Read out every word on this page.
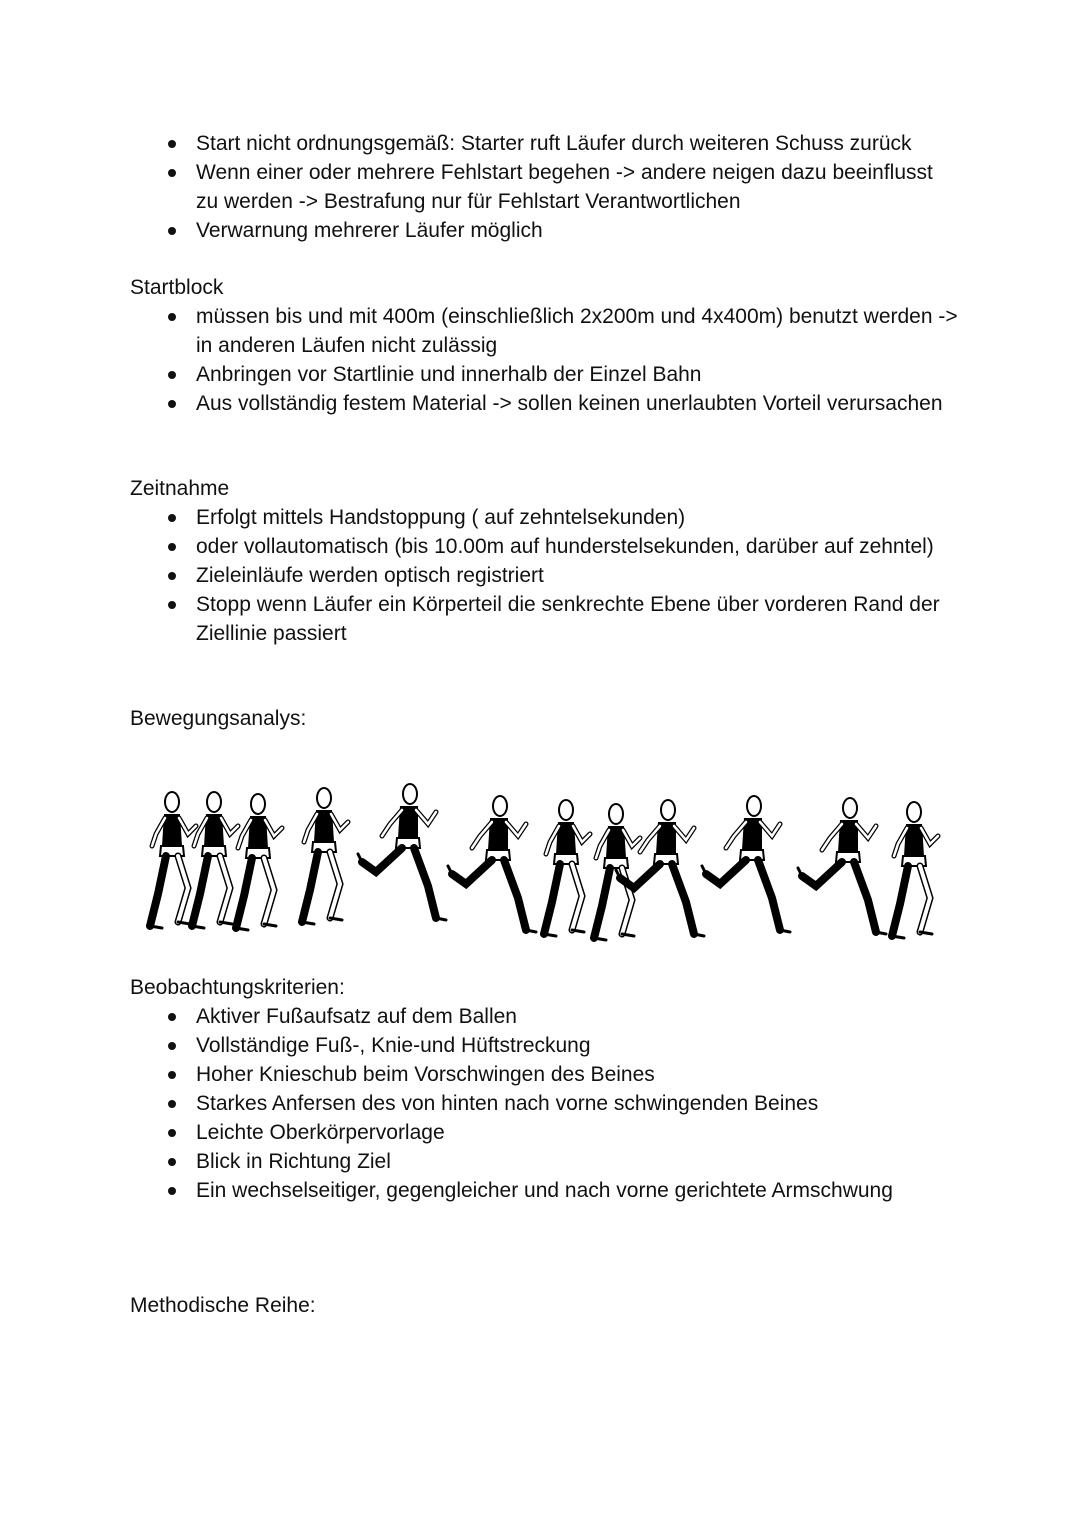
Start nicht ordnungsgemäß: Starter ruft Läufer durch weiteren Schuss zurück
Wenn einer oder mehrere Fehlstart begehen -> andere neigen dazu beeinflusst zu werden -> Bestrafung nur für Fehlstart Verantwortlichen
Verwarnung mehrerer Läufer möglich

Startblock

müssen bis und mit 400m (einschließlich 2x200m und 4x400m) benutzt werden -> in anderen Läufen nicht zulässig
Anbringen vor Startlinie und innerhalb der Einzel Bahn
Aus vollständig festem Material -> sollen keinen unerlaubten Vorteil verursachen

Zeitnahme

Erfolgt mittels Handstoppung ( auf zehntelsekunden)
oder vollautomatisch (bis 10.00m auf hunderstelsekunden, darüber auf zehntel)
Zieleinläufe werden optisch registriert
Stopp wenn Läufer ein Körperteil die senkrechte Ebene über vorderen Rand der Ziellinie passiert

Bewegungsanalys:

Beobachtungskriterien:

Aktiver Fußaufsatz auf dem Ballen
Vollständige Fuß-, Knie-und Hüftstreckung
Hoher Knieschub beim Vorschwingen des Beines
Starkes Anfersen des von hinten nach vorne schwingenden Beines
Leichte Oberkörpervorlage
Blick in Richtung Ziel
Ein wechselseitiger, gegengleicher und nach vorne gerichtete Armschwung

Methodische Reihe:
